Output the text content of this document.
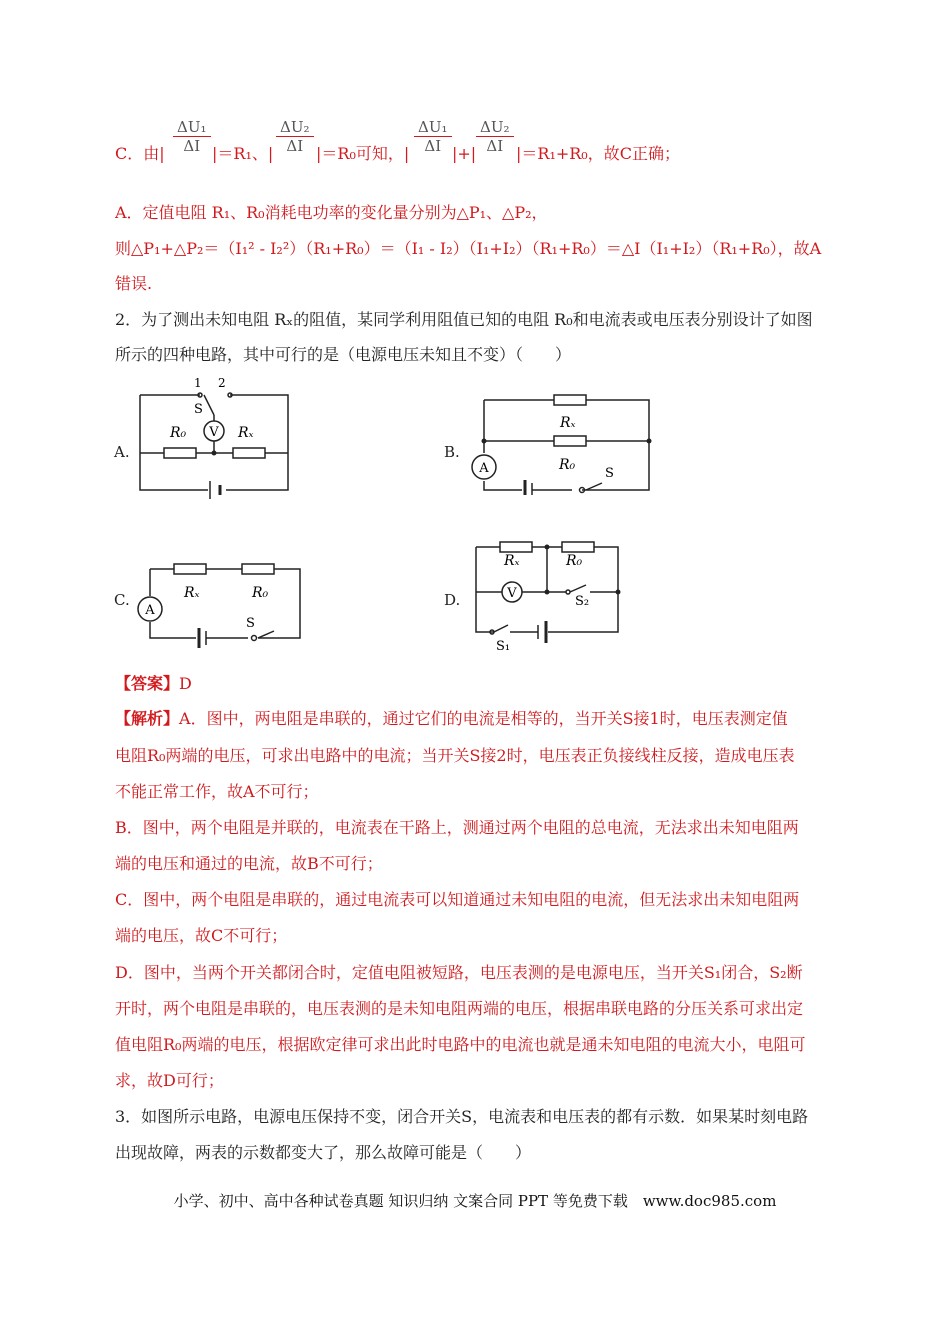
C．由| $\frac{\text{ΔU₁}}{\Delta I} |=R_1$、| $\frac{\text{ΔU₂}}{\Delta I} |=R_0$可知，| $\frac{\text{ΔU₁}}{\Delta I}$ |+| $\frac{\text{ΔU₂}}{\Delta I} |=R_1+R_0$，故C正确；
A．定值电阻 R₁、R₀消耗电功率的变化量分别为△P₁、△P₂，
则△P₁+△P₂＝（I₁² - I₂²）（R₁+R₀）＝（I₁ - I₂）（I₁+I₂）（R₁+R₀）＝△I（I₁+I₂）（R₁+R₀），故A
错误.
2．为了测出未知电阻 Rₓ的阻值，某同学利用阻值已知的电阻 R₀和电流表或电压表分别设计了如图
所示的四种电路，其中可行的是（电源电压未知且不变）（　　）
A.
V
1 2
S
R₀	Rₓ
B.
A
Rₓ
R₀
S
C.
A
Rₓ	R₀
S
D.	V
Rₓ	R₀
S₂
S₁
【答案】D
【解析】A．图中，两电阻是串联的，通过它们的电流是相等的，当开关S接1时，电压表测定值
电阻R₀两端的电压，可求出电路中的电流；当开关S接2时，电压表正负接线柱反接，造成电压表
不能正常工作，故A不可行；
B．图中，两个电阻是并联的，电流表在干路上，测通过两个电阻的总电流，无法求出未知电阻两
端的电压和通过的电流，故B不可行；
C．图中，两个电阻是串联的，通过电流表可以知道通过未知电阻的电流，但无法求出未知电阻两
端的电压，故C不可行；
D．图中，当两个开关都闭合时，定值电阻被短路，电压表测的是电源电压，当开关S₁闭合，S₂断
开时，两个电阻是串联的，电压表测的是未知电阻两端的电压，根据串联电路的分压关系可求出定
值电阻R₀两端的电压，根据欧定律可求出此时电路中的电流也就是通未知电阻的电流大小，电阻可
求，故D可行；
3．如图所示电路，电源电压保持不变，闭合开关S，电流表和电压表的都有示数．如果某时刻电路
出现故障，两表的示数都变大了，那么故障可能是（　　）
小学、初中、高中各种试卷真题 知识归纳 文案合同 PPT 等免费下载　www.doc985.com
